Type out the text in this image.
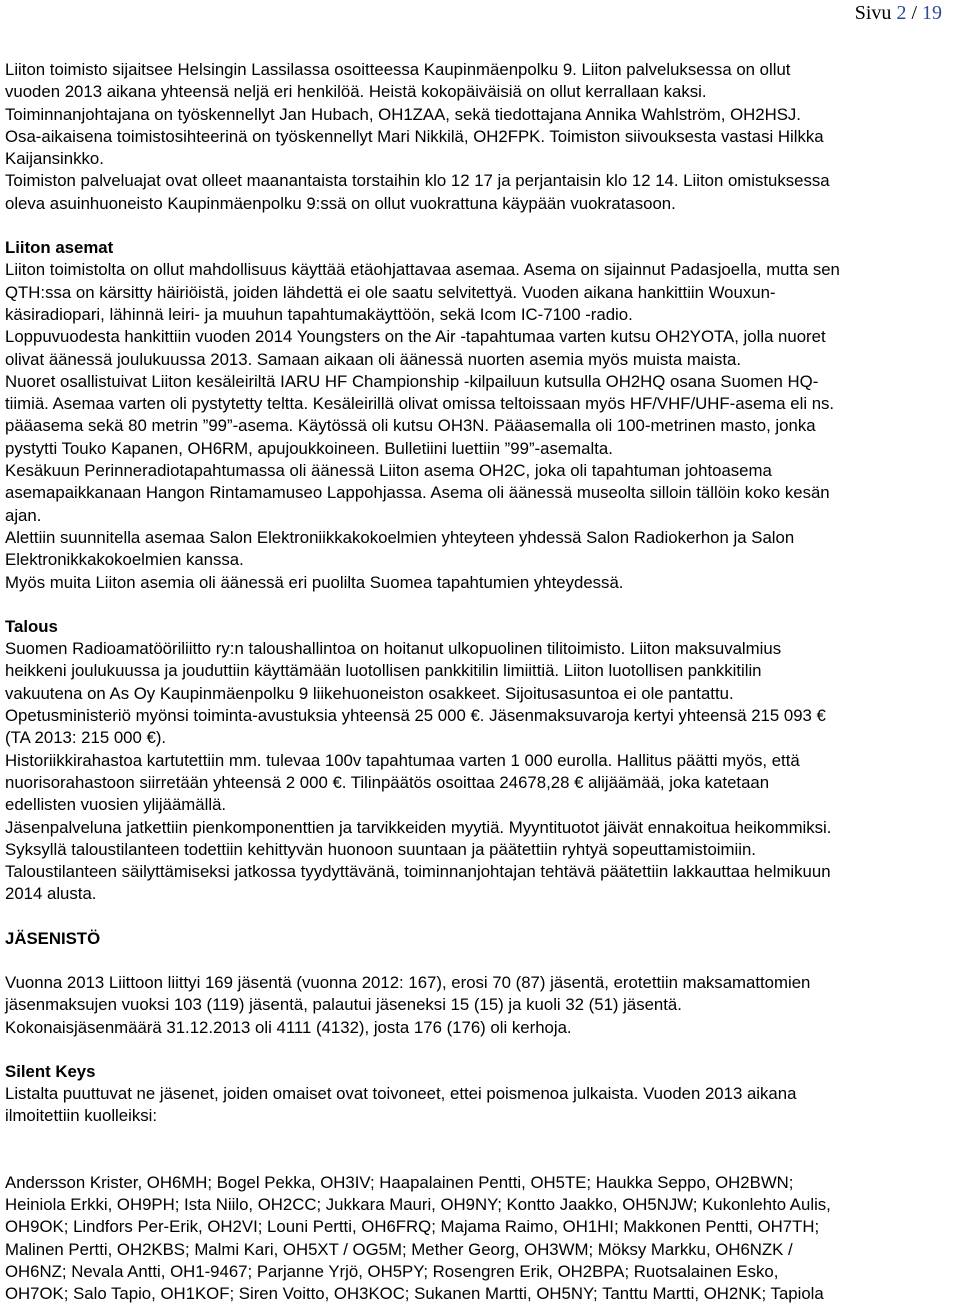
Sivu 2 / 19
Liiton toimisto sijaitsee Helsingin Lassilassa osoitteessa Kaupinmäenpolku 9. Liiton palveluksessa on ollut
vuoden 2013 aikana yhteensä neljä eri henkilöä. Heistä kokopäiväisiä on ollut kerrallaan kaksi.
Toiminnanjohtajana on työskennellyt Jan Hubach, OH1ZAA, sekä tiedottajana Annika Wahlström, OH2HSJ.
Osa-aikaisena toimistosihteerinä on työskennellyt Mari Nikkilä, OH2FPK. Toimiston siivouksesta vastasi Hilkka
Kaijansinkko.
Toimiston palveluajat ovat olleet maanantaista torstaihin klo 12 17 ja perjantaisin klo 12 14. Liiton omistuksessa
oleva asuinhuoneisto Kaupinmäenpolku 9:ssä on ollut vuokrattuna käypään vuokratasoon.
Liiton asemat
Liiton toimistolta on ollut mahdollisuus käyttää etäohjattavaa asemaa. Asema on sijainnut Padasjoella, mutta sen
QTH:ssa on kärsitty häiriöistä, joiden lähdettä ei ole saatu selvitettyä. Vuoden aikana hankittiin Wouxun-
käsiradiopari, lähinnä leiri- ja muuhun tapahtumakäyttöön, sekä Icom IC-7100 -radio.
Loppuvuodesta hankittiin vuoden 2014 Youngsters on the Air -tapahtumaa varten kutsu OH2YOTA, jolla nuoret
olivat äänessä joulukuussa 2013. Samaan aikaan oli äänessä nuorten asemia myös muista maista.
Nuoret osallistuivat Liiton kesäleiriltä IARU HF Championship -kilpailuun kutsulla OH2HQ osana Suomen HQ-
tiimiä. Asemaa varten oli pystytetty teltta. Kesäleirillä olivat omissa teltoissaan myös HF/VHF/UHF-asema eli ns.
pääasema sekä 80 metrin ”99”-asema. Käytössä oli kutsu OH3N. Pääasemalla oli 100-metrinen masto, jonka
pystytti Touko Kapanen, OH6RM, apujoukkoineen. Bulletiini luettiin ”99”-asemalta.
Kesäkuun Perinneradiotapahtumassa oli äänessä Liiton asema OH2C, joka oli tapahtuman johtoasema
asemapaikkanaan Hangon Rintamamuseo Lappohjassa. Asema oli äänessä museolta silloin tällöin koko kesän
ajan.
Alettiin suunnitella asemaa Salon Elektroniikkakokoelmien yhteyteen yhdessä Salon Radiokerhon ja Salon
Elektronikkakokoelmien kanssa.
Myös muita Liiton asemia oli äänessä eri puolilta Suomea tapahtumien yhteydessä.
Talous
Suomen Radioamatööriliitto ry:n taloushallintoa on hoitanut ulkopuolinen tilitoimisto. Liiton maksuvalmius
heikkeni joulukuussa ja jouduttiin käyttämään luotollisen pankkitilin limiittiä. Liiton luotollisen pankkitilin
vakuutena on As Oy Kaupinmäenpolku 9 liikehuoneiston osakkeet. Sijoitusasuntoa ei ole pantattu.
Opetusministeriö myönsi toiminta-avustuksia yhteensä 25 000 €. Jäsenmaksuvaroja kertyi yhteensä 215 093 €
(TA 2013: 215 000 €).
Historiikkirahastoa kartutettiin mm. tulevaa 100v tapahtumaa varten 1 000 eurolla. Hallitus päätti myös, että
nuorisorahastoon siirretään yhteensä 2 000 €. Tilinpäätös osoittaa 24678,28 € alijäämää, joka katetaan
edellisten vuosien ylijäämällä.
Jäsenpalveluna jatkettiin pienkomponenttien ja tarvikkeiden myytiä. Myyntituotot jäivät ennakoitua heikommiksi.
Syksyllä taloustilanteen todettiin kehittyvän huonoon suuntaan ja päätettiin ryhtyä sopeuttamistoimiin.
Taloustilanteen säilyttämiseksi jatkossa tyydyttävänä, toiminnanjohtajan tehtävä päätettiin lakkauttaa helmikuun
2014 alusta.
JÄSENISTÖ
Vuonna 2013 Liittoon liittyi 169 jäsentä (vuonna 2012: 167), erosi 70 (87) jäsentä, erotettiin maksamattomien
jäsenmaksujen vuoksi 103 (119) jäsentä, palautui jäseneksi 15 (15) ja kuoli 32 (51) jäsentä.
Kokonaisjäsenmäärä 31.12.2013 oli 4111 (4132), josta 176 (176) oli kerhoja.
Silent Keys
Listalta puuttuvat ne jäsenet, joiden omaiset ovat toivoneet, ettei poismenoa julkaista. Vuoden 2013 aikana
ilmoitettiin kuolleiksi:
Andersson Krister, OH6MH; Bogel Pekka, OH3IV; Haapalainen Pentti, OH5TE; Haukka Seppo, OH2BWN;
Heiniola Erkki, OH9PH; Ista Niilo, OH2CC; Jukkara Mauri, OH9NY; Kontto Jaakko, OH5NJW; Kukonlehto Aulis,
OH9OK; Lindfors Per-Erik, OH2VI; Louni Pertti, OH6FRQ; Majama Raimo, OH1HI; Makkonen Pentti, OH7TH;
Malinen Pertti, OH2KBS; Malmi Kari, OH5XT / OG5M; Mether Georg, OH3WM; Möksy Markku, OH6NZK /
OH6NZ; Nevala Antti, OH1-9467; Parjanne Yrjö, OH5PY; Rosengren Erik, OH2BPA; Ruotsalainen Esko,
OH7OK; Salo Tapio, OH1KOF; Siren Voitto, OH3KOC; Sukanen Martti, OH5NY; Tanttu Martti, OH2NK; Tapiola
